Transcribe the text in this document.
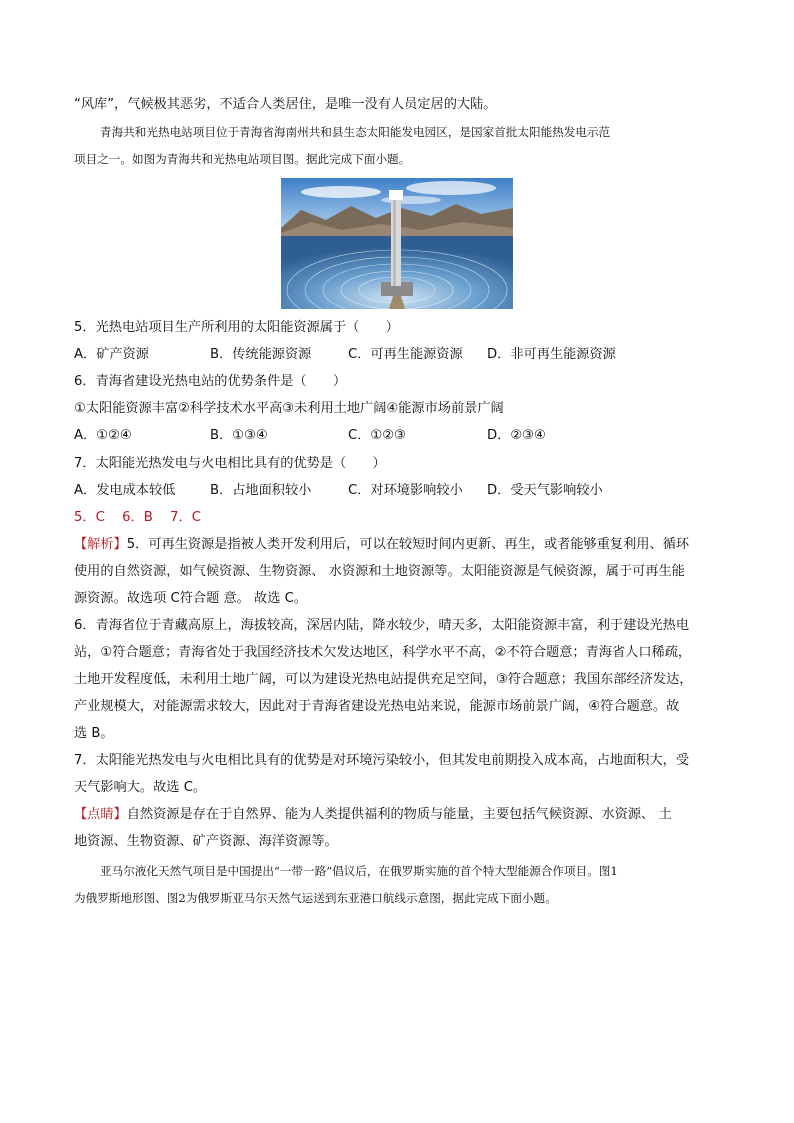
“风库”，气候极其恶劣，不适合人类居住，是唯一没有人员定居的大陆。
青海共和光热电站项目位于青海省海南州共和县生态太阳能发电园区，是国家首批太阳能热发电示范
项目之一。如图为青海共和光热电站项目图。据此完成下面小题。
5．光热电站项目生产所利用的太阳能资源属于（　　）
A．矿产资源	B．传统能源资源	C．可再生能源资源 D．非可再生能源资源
6．青海省建设光热电站的优势条件是（　　）
①太阳能资源丰富②科学技术水平高③未利用土地广阔④能源市场前景广阔
A．①②④	B．①③④	C．①②③	D．②③④
7．太阳能光热发电与火电相比具有的优势是（　　）
A．发电成本较低	B．占地面积较小	C．对环境影响较小 D．受天气影响较小
5．C　 6．B　 7．C
【解析】5．可再生资源是指被人类开发利用后，可以在较短时间内更新、再生，或者能够重复利用、循环
使用的自然资源，如气候资源、生物资源、 水资源和土地资源等。太阳能资源是气候资源，属于可再生能
源资源。故选项 C符合题 意。 故选 C。
6．青海省位于青藏高原上，海拔较高，深居内陆，降水较少，晴天多，太阳能资源丰富，利于建设光热电
站，①符合题意；青海省处于我国经济技术欠发达地区，科学水平不高，②不符合题意；青海省人口稀疏，
土地开发程度低，未利用土地广阔，可以为建设光热电站提供充足空间，③符合题意；我国东部经济发达，
产业规模大，对能源需求较大，因此对于青海省建设光热电站来说，能源市场前景广阔，④符合题意。故
选 B。
7．太阳能光热发电与火电相比具有的优势是对环境污染较小，但其发电前期投入成本高，占地面积大，受
天气影响大。故选 C。
【点睛】自然资源是存在于自然界、能为人类提供福利的物质与能量，主要包括气候资源、水资源、 土
地资源、生物资源、矿产资源、海洋资源等。
亚马尔液化天然气项目是中国提出“一带一路”倡议后，在俄罗斯实施的首个特大型能源合作项目。图1
为俄罗斯地形图、图2为俄罗斯亚马尔天然气运送到东亚港口航线示意图，据此完成下面小题。
